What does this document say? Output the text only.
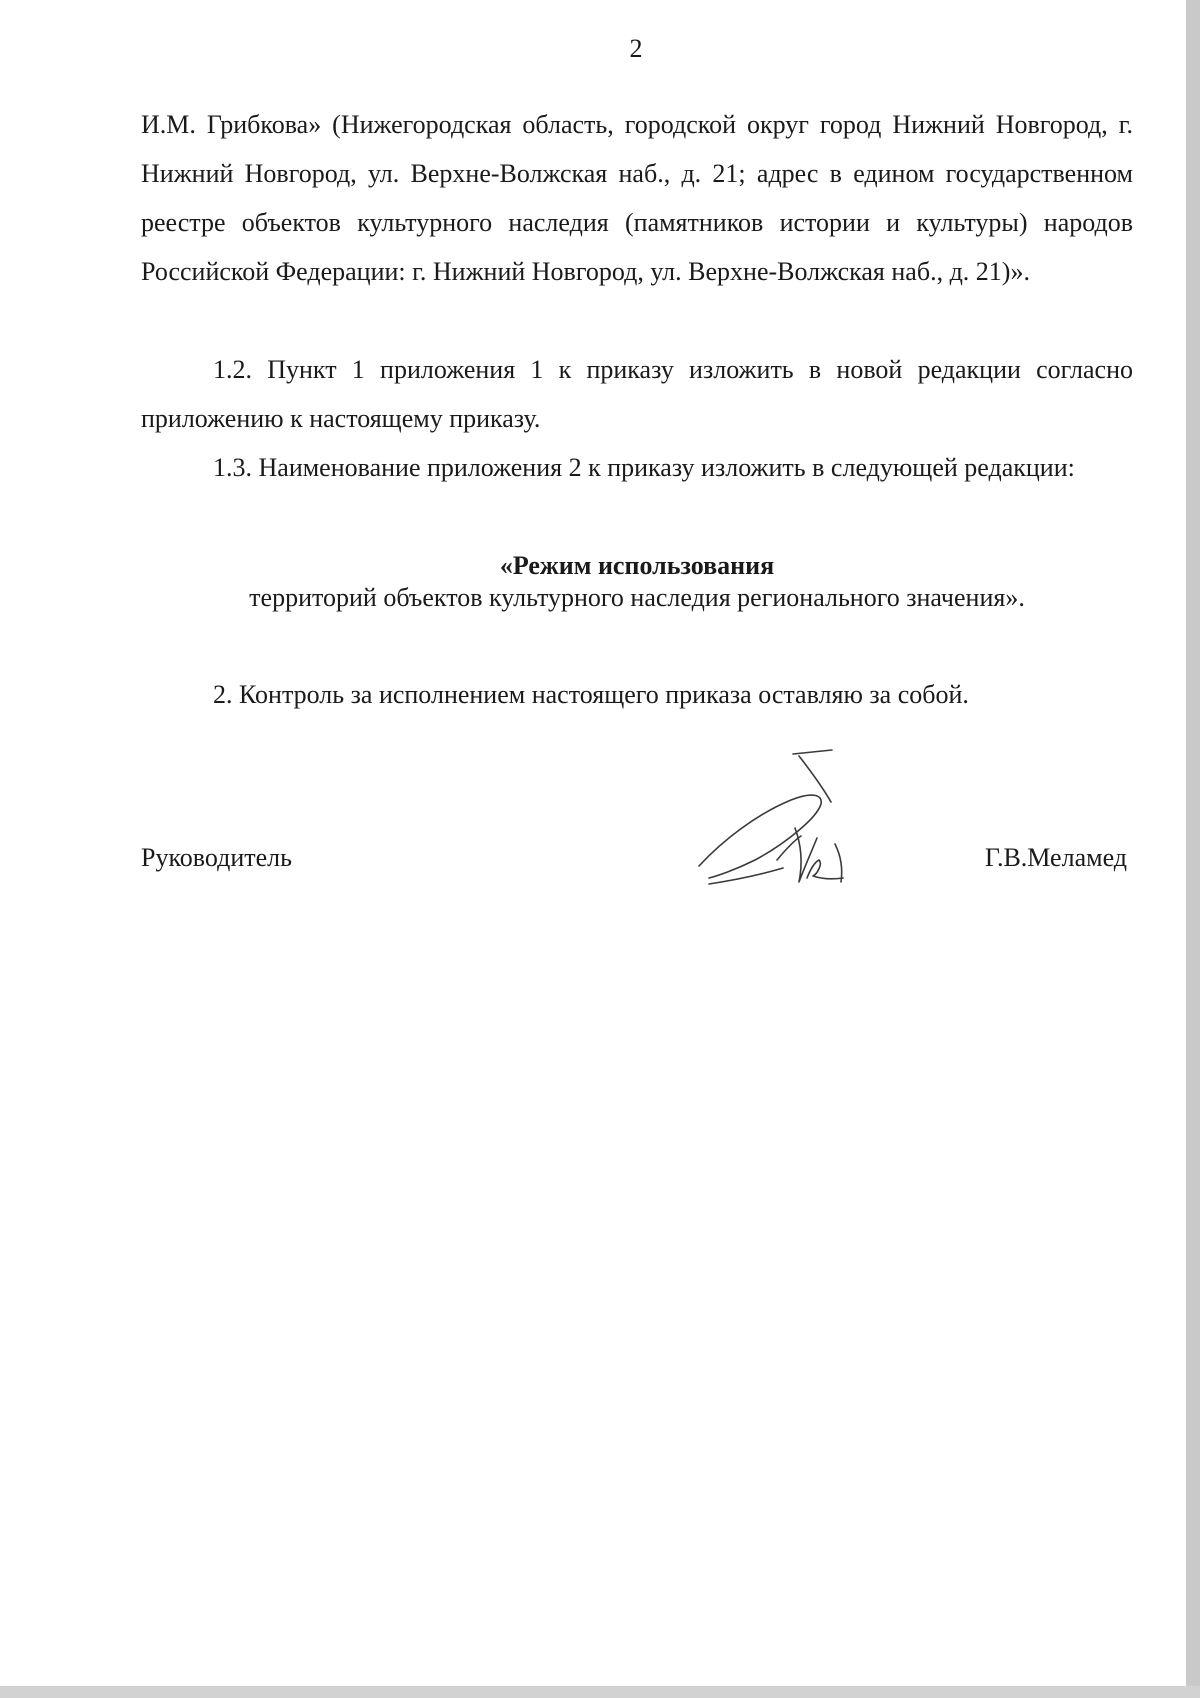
2

И.М. Грибкова» (Нижегородская область, городской округ город Нижний Новгород, г. Нижний Новгород, ул. Верхне-Волжская наб., д. 21; адрес в едином государственном реестре объектов культурного наследия (памятников истории и культуры) народов Российской Федерации: г. Нижний Новгород, ул. Верхне-Волжская наб., д. 21)».

1.2. Пункт 1 приложения 1 к приказу изложить в новой редакции согласно приложению к настоящему приказу.

1.3. Наименование приложения 2 к приказу изложить в следующей редакции:

«Режим использования
территорий объектов культурного наследия регионального значения».
2. Контроль за исполнением настоящего приказа оставляю за собой.
Руководитель	Г.В.Меламед
